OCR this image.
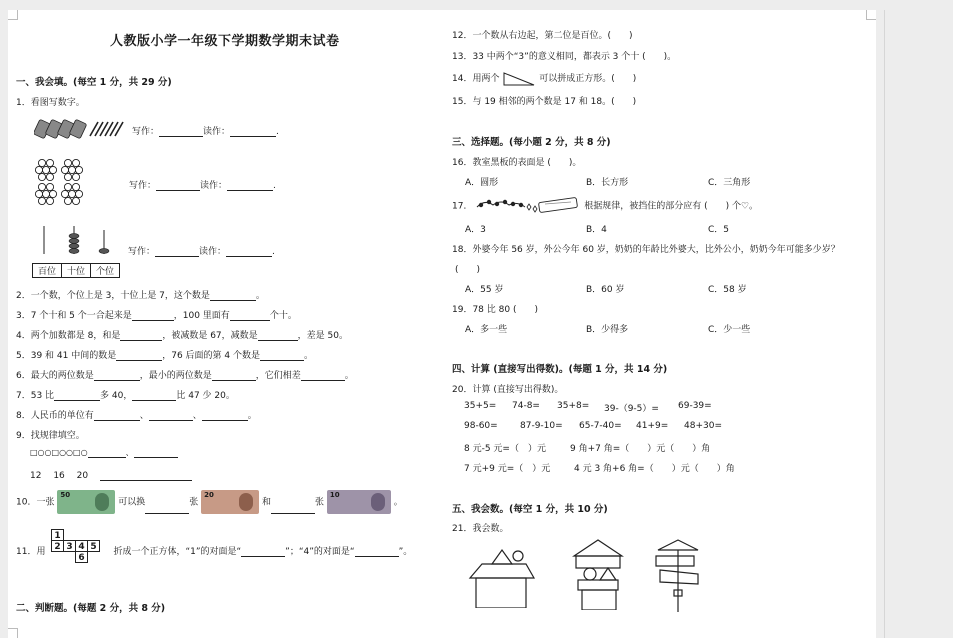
人教版小学一年级下学期数学期末试卷
一、我会填。(每空 1 分，共 29 分)
1．看图写数字。
写作：	读作：	.
写作：	读作：	.
百位	十位	个位
写作：	读作：	.
2．一个数，个位上是 3，十位上是 7，这个数是	。
3．7 个十和 5 个一合起来是	，100 里面有	个十。
4．两个加数都是 8，和是	，被减数是 67，减数是	，差是 50。
5．39 和 41 中间的数是	，76 后面的第 4 个数是	。
6．最大的两位数是	，最小的两位数是	，它们相差	。
7．53 比	多 40，	比 47 少 20。
8．人民币的单位有	、	、	。
9．找规律填空。
□○○□○○□○	、
12　 16　 20　
10．一张
50
可以换	张
20
和	张
10
。
11．用	折成一个正方体，“1”的对面是“	”；“4”的对面是“	”。
1
2 3 4 5
6
二、判断题。(每题 2 分，共 8 分)
12．一个数从右边起，第二位是百位。(　　)
13．33 中两个“3”的意义相同，都表示 3 个十 (　　)。
14．用两个	可以拼成正方形。(　　)
15．与 19 相邻的两个数是 17 和 18。(　　)
三、选择题。(每小题 2 分，共 8 分)
16．教室黑板的表面是 (　　)。
A．圆形	B．长方形	C．三角形
17．	根据规律，被挡住的部分应有 (　　) 个♡。
A．3	B．4	C．5
18．外婆今年 56 岁，外公今年 60 岁，奶奶的年龄比外婆大，比外公小，奶奶今年可能多少岁？
(　　)
A．55 岁	B．60 岁	C．58 岁
19．78 比 80 (　　)
A．多一些	B．少得多	C．少一些
四、计算 (直接写出得数)。(每题 1 分，共 14 分)
20．计算 (直接写出得数)。
35+5= 74-8= 35+8= 39-（9-5）= 69-39=
98-60= 87-9-10= 65-7-40= 41+9= 48+30=
8 元-5 元=（　）元	9 角+7 角=（　　）元（　　）角
7 元+9 元=（　）元	4 元 3 角+6 角=（　　）元（　　）角
五、我会数。(每空 1 分，共 10 分)
21．我会数。
